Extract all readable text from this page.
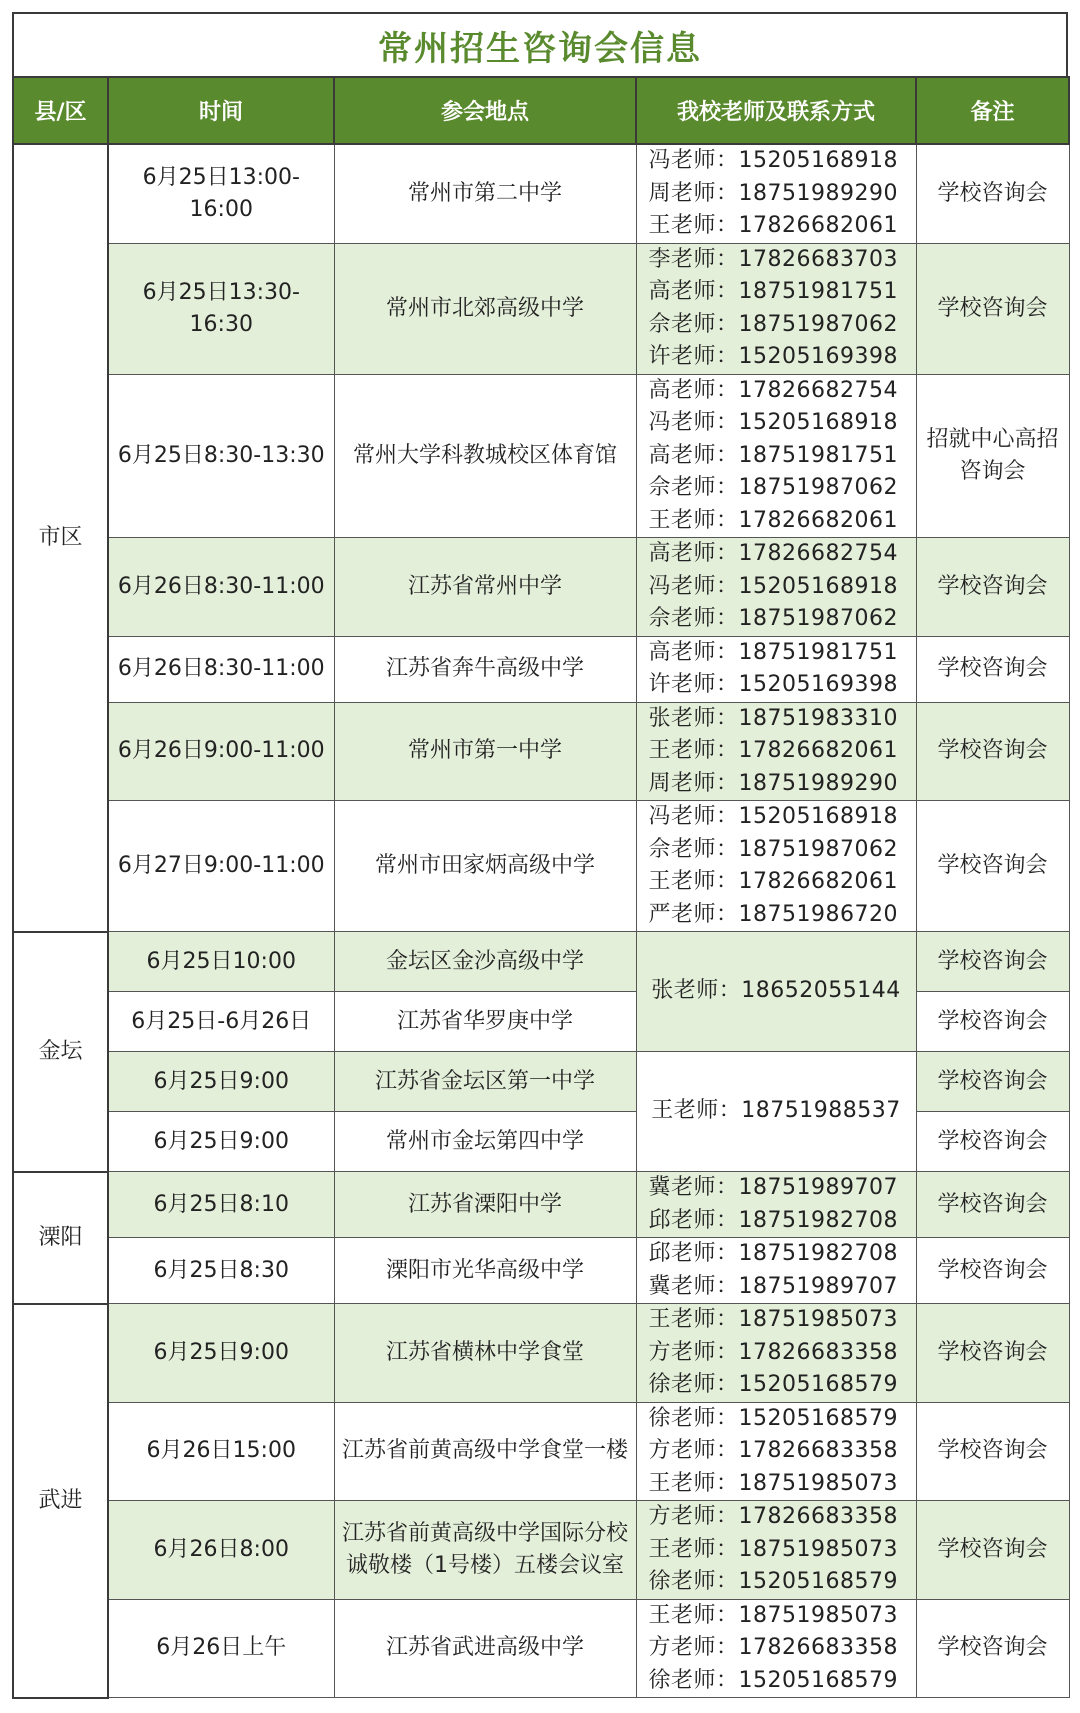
常州招生咨询会信息
县/区	时间	参会地点	我校老师及联系方式	备注
市区	6月25日13:00-16:00	常州市第二中学	冯老师：15205168918
周老师：18751989290
王老师：17826682061	学校咨询会
	6月25日13:30-16:30	常州市北郊高级中学	李老师：17826683703
高老师：18751981751
佘老师：18751987062
许老师：15205169398	学校咨询会
	6月25日8:30-13:30	常州大学科教城校区体育馆	高老师：17826682754
冯老师：15205168918
高老师：18751981751
佘老师：18751987062
王老师：17826682061	招就中心高招咨询会
	6月26日8:30-11:00	江苏省常州中学	高老师：17826682754
冯老师：15205168918
佘老师：18751987062	学校咨询会
	6月26日8:30-11:00	江苏省奔牛高级中学	高老师：18751981751
许老师：15205169398	学校咨询会
	6月26日9:00-11:00	常州市第一中学	张老师：18751983310
王老师：17826682061
周老师：18751989290	学校咨询会
	6月27日9:00-11:00	常州市田家炳高级中学	冯老师：15205168918
佘老师：18751987062
王老师：17826682061
严老师：18751986720	学校咨询会
金坛	6月25日10:00	金坛区金沙高级中学	张老师：18652055144	学校咨询会
	6月25日-6月26日	江苏省华罗庚中学		学校咨询会
	6月25日9:00	江苏省金坛区第一中学	王老师：18751988537	学校咨询会
	6月25日9:00	常州市金坛第四中学		学校咨询会
溧阳	6月25日8:10	江苏省溧阳中学	冀老师：18751989707
邱老师：18751982708	学校咨询会
	6月25日8:30	溧阳市光华高级中学	邱老师：18751982708
冀老师：18751989707	学校咨询会
武进	6月25日9:00	江苏省横林中学食堂	王老师：18751985073
方老师：17826683358
徐老师：15205168579	学校咨询会
	6月26日15:00	江苏省前黄高级中学食堂一楼	徐老师：15205168579
方老师：17826683358
王老师：18751985073	学校咨询会
	6月26日8:00	江苏省前黄高级中学国际分校诚敬楼（1号楼）五楼会议室	方老师：17826683358
王老师：18751985073
徐老师：15205168579	学校咨询会
	6月26日上午	江苏省武进高级中学	王老师：18751985073
方老师：17826683358
徐老师：15205168579	学校咨询会
